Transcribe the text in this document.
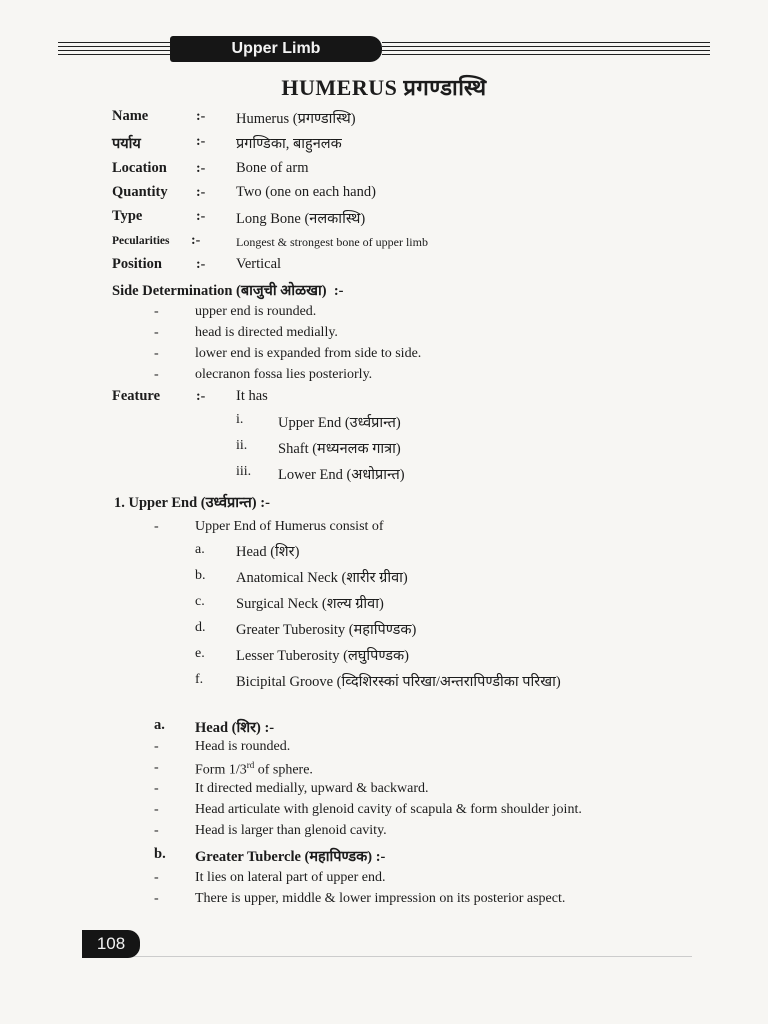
Upper Limb
HUMERUS प्रगण्डास्थि
Name	:- Humerus (प्रगण्डास्थि)
पर्याय	:- प्रगण्डिका, बाहुनलक
Location :- Bone of arm
Quantity :- Two (one on each hand)
Type	:- Long Bone (नलकास्थि)
Pecularities :-	Longest & strongest bone of upper limb
Position :- Vertical
Side Determination (बाजुची ओळखा) :-
-	upper end is rounded.
-	head is directed medially.
-	lower end is expanded from side to side.
-	olecranon fossa lies posteriorly.
Feature	:- It has
i. Upper End (उर्ध्वप्रान्त)
ii. Shaft (मध्यनलक गात्रा)
iii. Lower End (अधोप्रान्त)
1. Upper End (उर्ध्वप्रान्त) :-
-	Upper End of Humerus consist of
a. Head (शिर)
b. Anatomical Neck (शारीर ग्रीवा)
c. Surgical Neck (शल्य ग्रीवा)
d. Greater Tuberosity (महापिण्डक)
e. Lesser Tuberosity (लघुपिण्डक)
f. Bicipital Groove (व्दिशिरस्कां परिखा/अन्तरापिण्डीका परिखा)
a. Head (शिर) :-
-	Head is rounded.
-	Form 1/3rd of sphere.
-	It directed medially, upward & backward.
-	Head articulate with glenoid cavity of scapula & form shoulder joint.
-	Head is larger than glenoid cavity.
b. Greater Tubercle (महापिण्डक) :-
-	It lies on lateral part of upper end.
-	There is upper, middle & lower impression on its posterior aspect.
108
